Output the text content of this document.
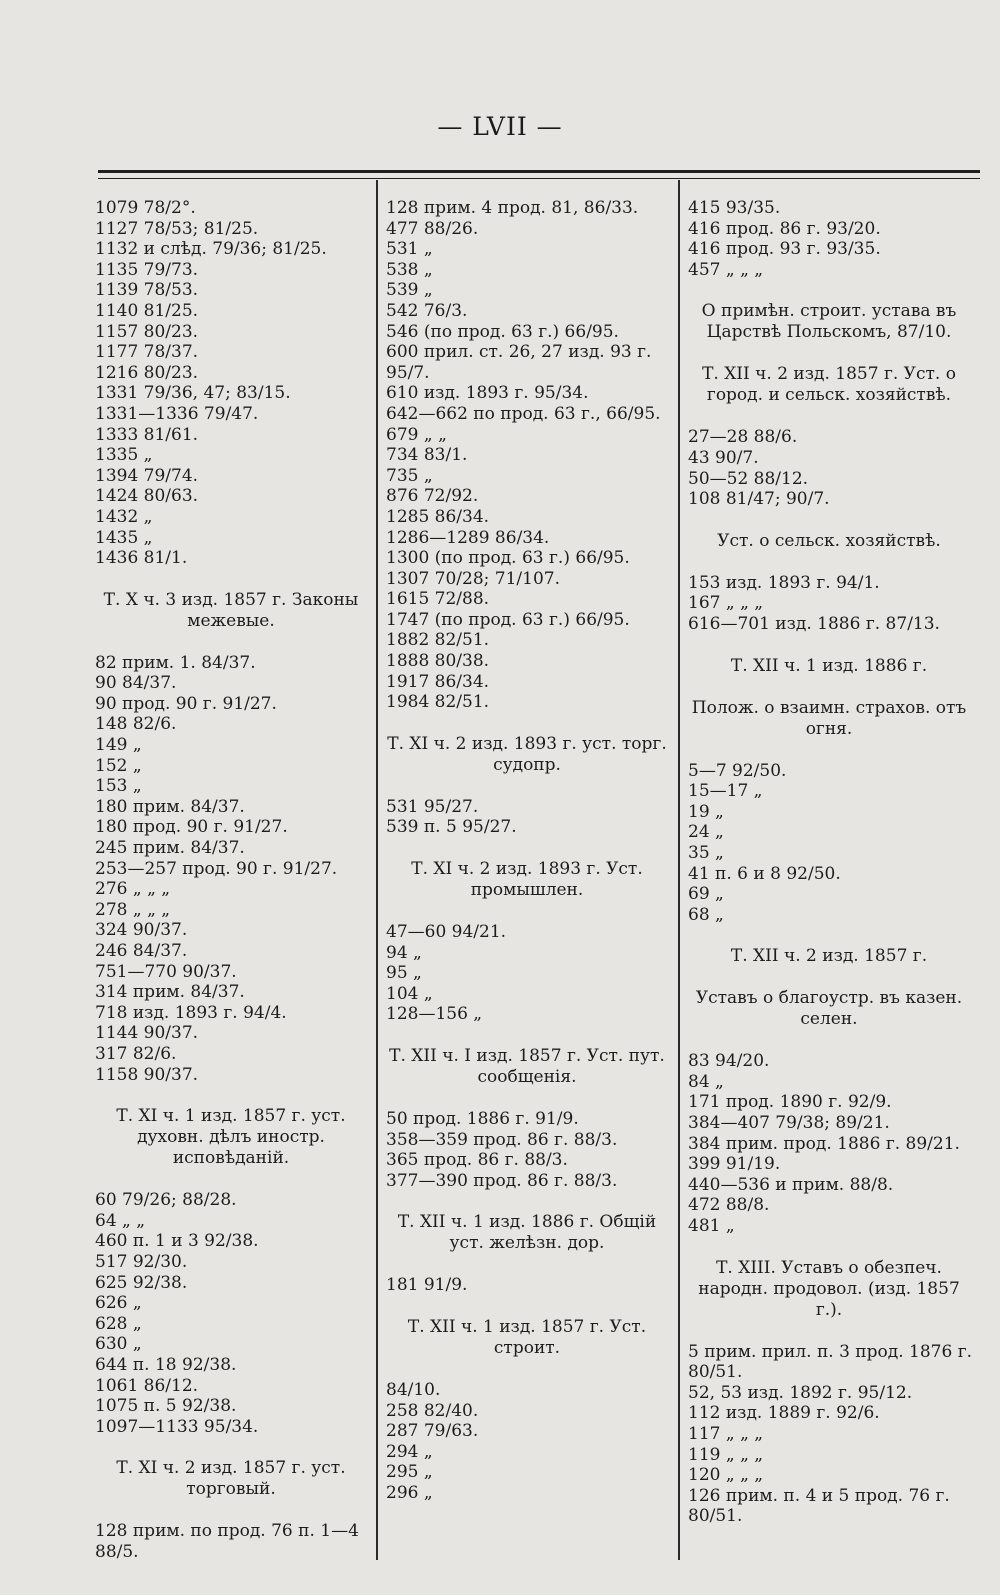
— LVII —
1079 78/2°.
1127 78/53; 81/25.
1132 и слѣд. 79/36; 81/25.
1135 79/73.
1139 78/53.
1140 81/25.
1157 80/23.
1177 78/37.
1216 80/23.
1331 79/36, 47; 83/15.
1331—1336 79/47.
1333 81/61.
1335 „
1394 79/74.
1424 80/63.
1432 „
1435 „
1436 81/1.
Т. X ч. 3 изд. 1857 г. Законы межевые.
82 прим. 1. 84/37.
90 84/37.
90 прод. 90 г. 91/27.
148 82/6.
149 „
152 „
153 „
180 прим. 84/37.
180 прод. 90 г. 91/27.
245 прим. 84/37.
253—257 прод. 90 г. 91/27.
276 „ „ „
278 „ „ „
324 90/37.
246 84/37.
751—770 90/37.
314 прим. 84/37.
718 изд. 1893 г. 94/4.
1144 90/37.
317 82/6.
1158 90/37.
Т. XI ч. 1 изд. 1857 г. уст. духовн. дѣлъ иностр. исповѣданій.
60 79/26; 88/28.
64 „ „
460 п. 1 и 3 92/38.
517 92/30.
625 92/38.
626 „
628 „
630 „
644 п. 18 92/38.
1061 86/12.
1075 п. 5 92/38.
1097—1133 95/34.
Т. XI ч. 2 изд. 1857 г. уст. торговый.
128 прим. по прод. 76 п. 1—4
88/5.
128 прим. 4 прод. 81, 86/33.
477 88/26.
531 „
538 „
539 „
542 76/3.
546 (по прод. 63 г.) 66/95.
600 прил. ст. 26, 27 изд. 93 г.
95/7.
610 изд. 1893 г. 95/34.
642—662 по прод. 63 г., 66/95.
679 „ „
734 83/1.
735 „
876 72/92.
1285 86/34.
1286—1289 86/34.
1300 (по прод. 63 г.) 66/95.
1307 70/28; 71/107.
1615 72/88.
1747 (по прод. 63 г.) 66/95.
1882 82/51.
1888 80/38.
1917 86/34.
1984 82/51.
Т. XI ч. 2 изд. 1893 г. уст. торг. судопр.
531 95/27.
539 п. 5 95/27.
Т. XI ч. 2 изд. 1893 г. Уст. промышлен.
47—60 94/21.
94 „
95 „
104 „
128—156 „
Т. XII ч. I изд. 1857 г. Уст. пут. сообщенія.
50 прод. 1886 г. 91/9.
358—359 прод. 86 г. 88/3.
365 прод. 86 г. 88/3.
377—390 прод. 86 г. 88/3.
Т. XII ч. 1 изд. 1886 г. Общій уст. желѣзн. дор.
181 91/9.
Т. XII ч. 1 изд. 1857 г. Уст. строит.
84/10.
258 82/40.
287 79/63.
294 „
295 „
296 „
415 93/35.
416 прод. 86 г. 93/20.
416 прод. 93 г. 93/35.
457 „ „ „
О примѣн. строит. устава въ Царствѣ Польскомъ, 87/10.
Т. XII ч. 2 изд. 1857 г. Уст. о город. и сельск. хозяйствѣ.
27—28 88/6.
43 90/7.
50—52 88/12.
108 81/47; 90/7.
Уст. о сельск. хозяйствѣ.
153 изд. 1893 г. 94/1.
167 „ „ „
616—701 изд. 1886 г. 87/13.
Т. XII ч. 1 изд. 1886 г.
Полож. о взаимн. страхов. отъ огня.
5—7 92/50.
15—17 „
19 „
24 „
35 „
41 п. 6 и 8 92/50.
69 „
68 „
Т. XII ч. 2 изд. 1857 г.
Уставъ о благоустр. въ казен. селен.
83 94/20.
84 „
171 прод. 1890 г. 92/9.
384—407 79/38; 89/21.
384 прим. прод. 1886 г. 89/21.
399 91/19.
440—536 и прим. 88/8.
472 88/8.
481 „
Т. XIII. Уставъ о обезпеч. народн. продовол. (изд. 1857 г.).
5 прим. прил. п. 3 прод. 1876 г.
80/51.
52, 53 изд. 1892 г. 95/12.
112 изд. 1889 г. 92/6.
117 „ „ „
119 „ „ „
120 „ „ „
126 прим. п. 4 и 5 прод. 76 г.
80/51.
